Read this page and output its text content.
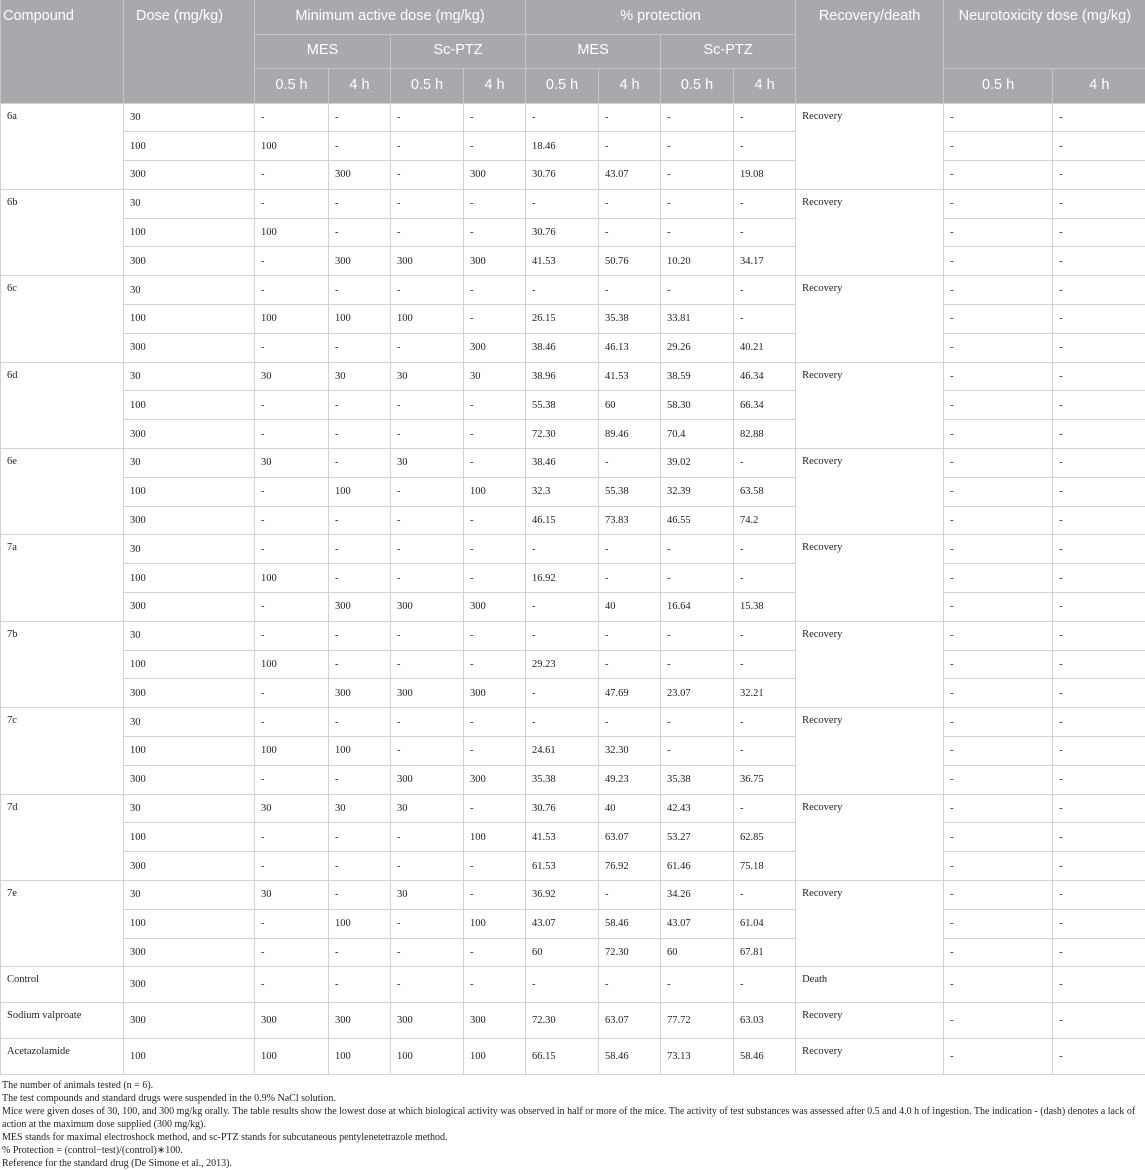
Compound	Dose (mg/kg)	Minimum active dose (mg/kg)				% protection				Recovery/death	Neurotoxicity dose (mg/kg)	
		MES		Sc-PTZ		MES		Sc-PTZ				
		0.5 h	4 h	0.5 h	4 h	0.5 h	4 h	0.5 h	4 h		0.5 h	4 h
6a	30	-	-	-	-	-	-	-	-	Recovery	-	-
	100	100	-	-	-	18.46	-	-	-		-	-
	300	-	300	-	300	30.76	43.07	-	19.08		-	-
6b	30	-	-	-	-	-	-	-	-	Recovery	-	-
	100	100	-	-	-	30.76	-	-	-		-	-
	300	-	300	300	300	41.53	50.76	10.20	34.17		-	-
6c	30	-	-	-	-	-	-	-	-	Recovery	-	-
	100	100	100	100	-	26.15	35.38	33.81	-		-	-
	300	-	-	-	300	38.46	46.13	29.26	40.21		-	-
6d	30	30	30	30	30	38.96	41.53	38.59	46.34	Recovery	-	-
	100	-	-	-	-	55.38	60	58.30	66.34		-	-
	300	-	-	-	-	72.30	89.46	70.4	82.88		-	-
6e	30	30	-	30	-	38.46	-	39.02	-	Recovery	-	-
	100	-	100	-	100	32.3	55.38	32.39	63.58		-	-
	300	-	-	-	-	46.15	73.83	46.55	74.2		-	-
7a	30	-	-	-	-	-	-	-	-	Recovery	-	-
	100	100	-	-	-	16.92	-	-	-		-	-
	300	-	300	300	300	-	40	16.64	15.38		-	-
7b	30	-	-	-	-	-	-	-	-	Recovery	-	-
	100	100	-	-	-	29.23	-	-	-		-	-
	300	-	300	300	300	-	47.69	23.07	32.21		-	-
7c	30	-	-	-	-	-	-	-	-	Recovery	-	-
	100	100	100	-	-	24.61	32.30	-	-		-	-
	300	-	-	300	300	35.38	49.23	35.38	36.75		-	-
7d	30	30	30	30	-	30.76	40	42.43	-	Recovery	-	-
	100	-	-	-	100	41.53	63.07	53.27	62.85		-	-
	300	-	-	-	-	61.53	76.92	61.46	75.18		-	-
7e	30	30	-	30	-	36.92	-	34.26	-	Recovery	-	-
	100	-	100	-	100	43.07	58.46	43.07	61.04		-	-
	300	-	-	-	-	60	72.30	60	67.81		-	-
Control	300	-	-	-	-	-	-	-	-	Death	-	-
Sodium valproate	300	300	300	300	300	72.30	63.07	77.72	63.03	Recovery	-	-
Acetazolamide	100	100	100	100	100	66.15	58.46	73.13	58.46	Recovery	-	-
The number of animals tested (n = 6).
The test compounds and standard drugs were suspended in the 0.9% NaCl solution.
Mice were given doses of 30, 100, and 300 mg/kg orally. The table results show the lowest dose at which biological activity was observed in half or more of the mice. The activity of test substances was assessed after 0.5 and 4.0 h of ingestion. The indication - (dash) denotes a lack of action at the maximum dose supplied (300 mg/kg).
MES stands for maximal electroshock method, and sc-PTZ stands for subcutaneous pentylenetetrazole method.
% Protection = (control−test)/(control)∗100.
Reference for the standard drug (De Simone et al., 2013).
